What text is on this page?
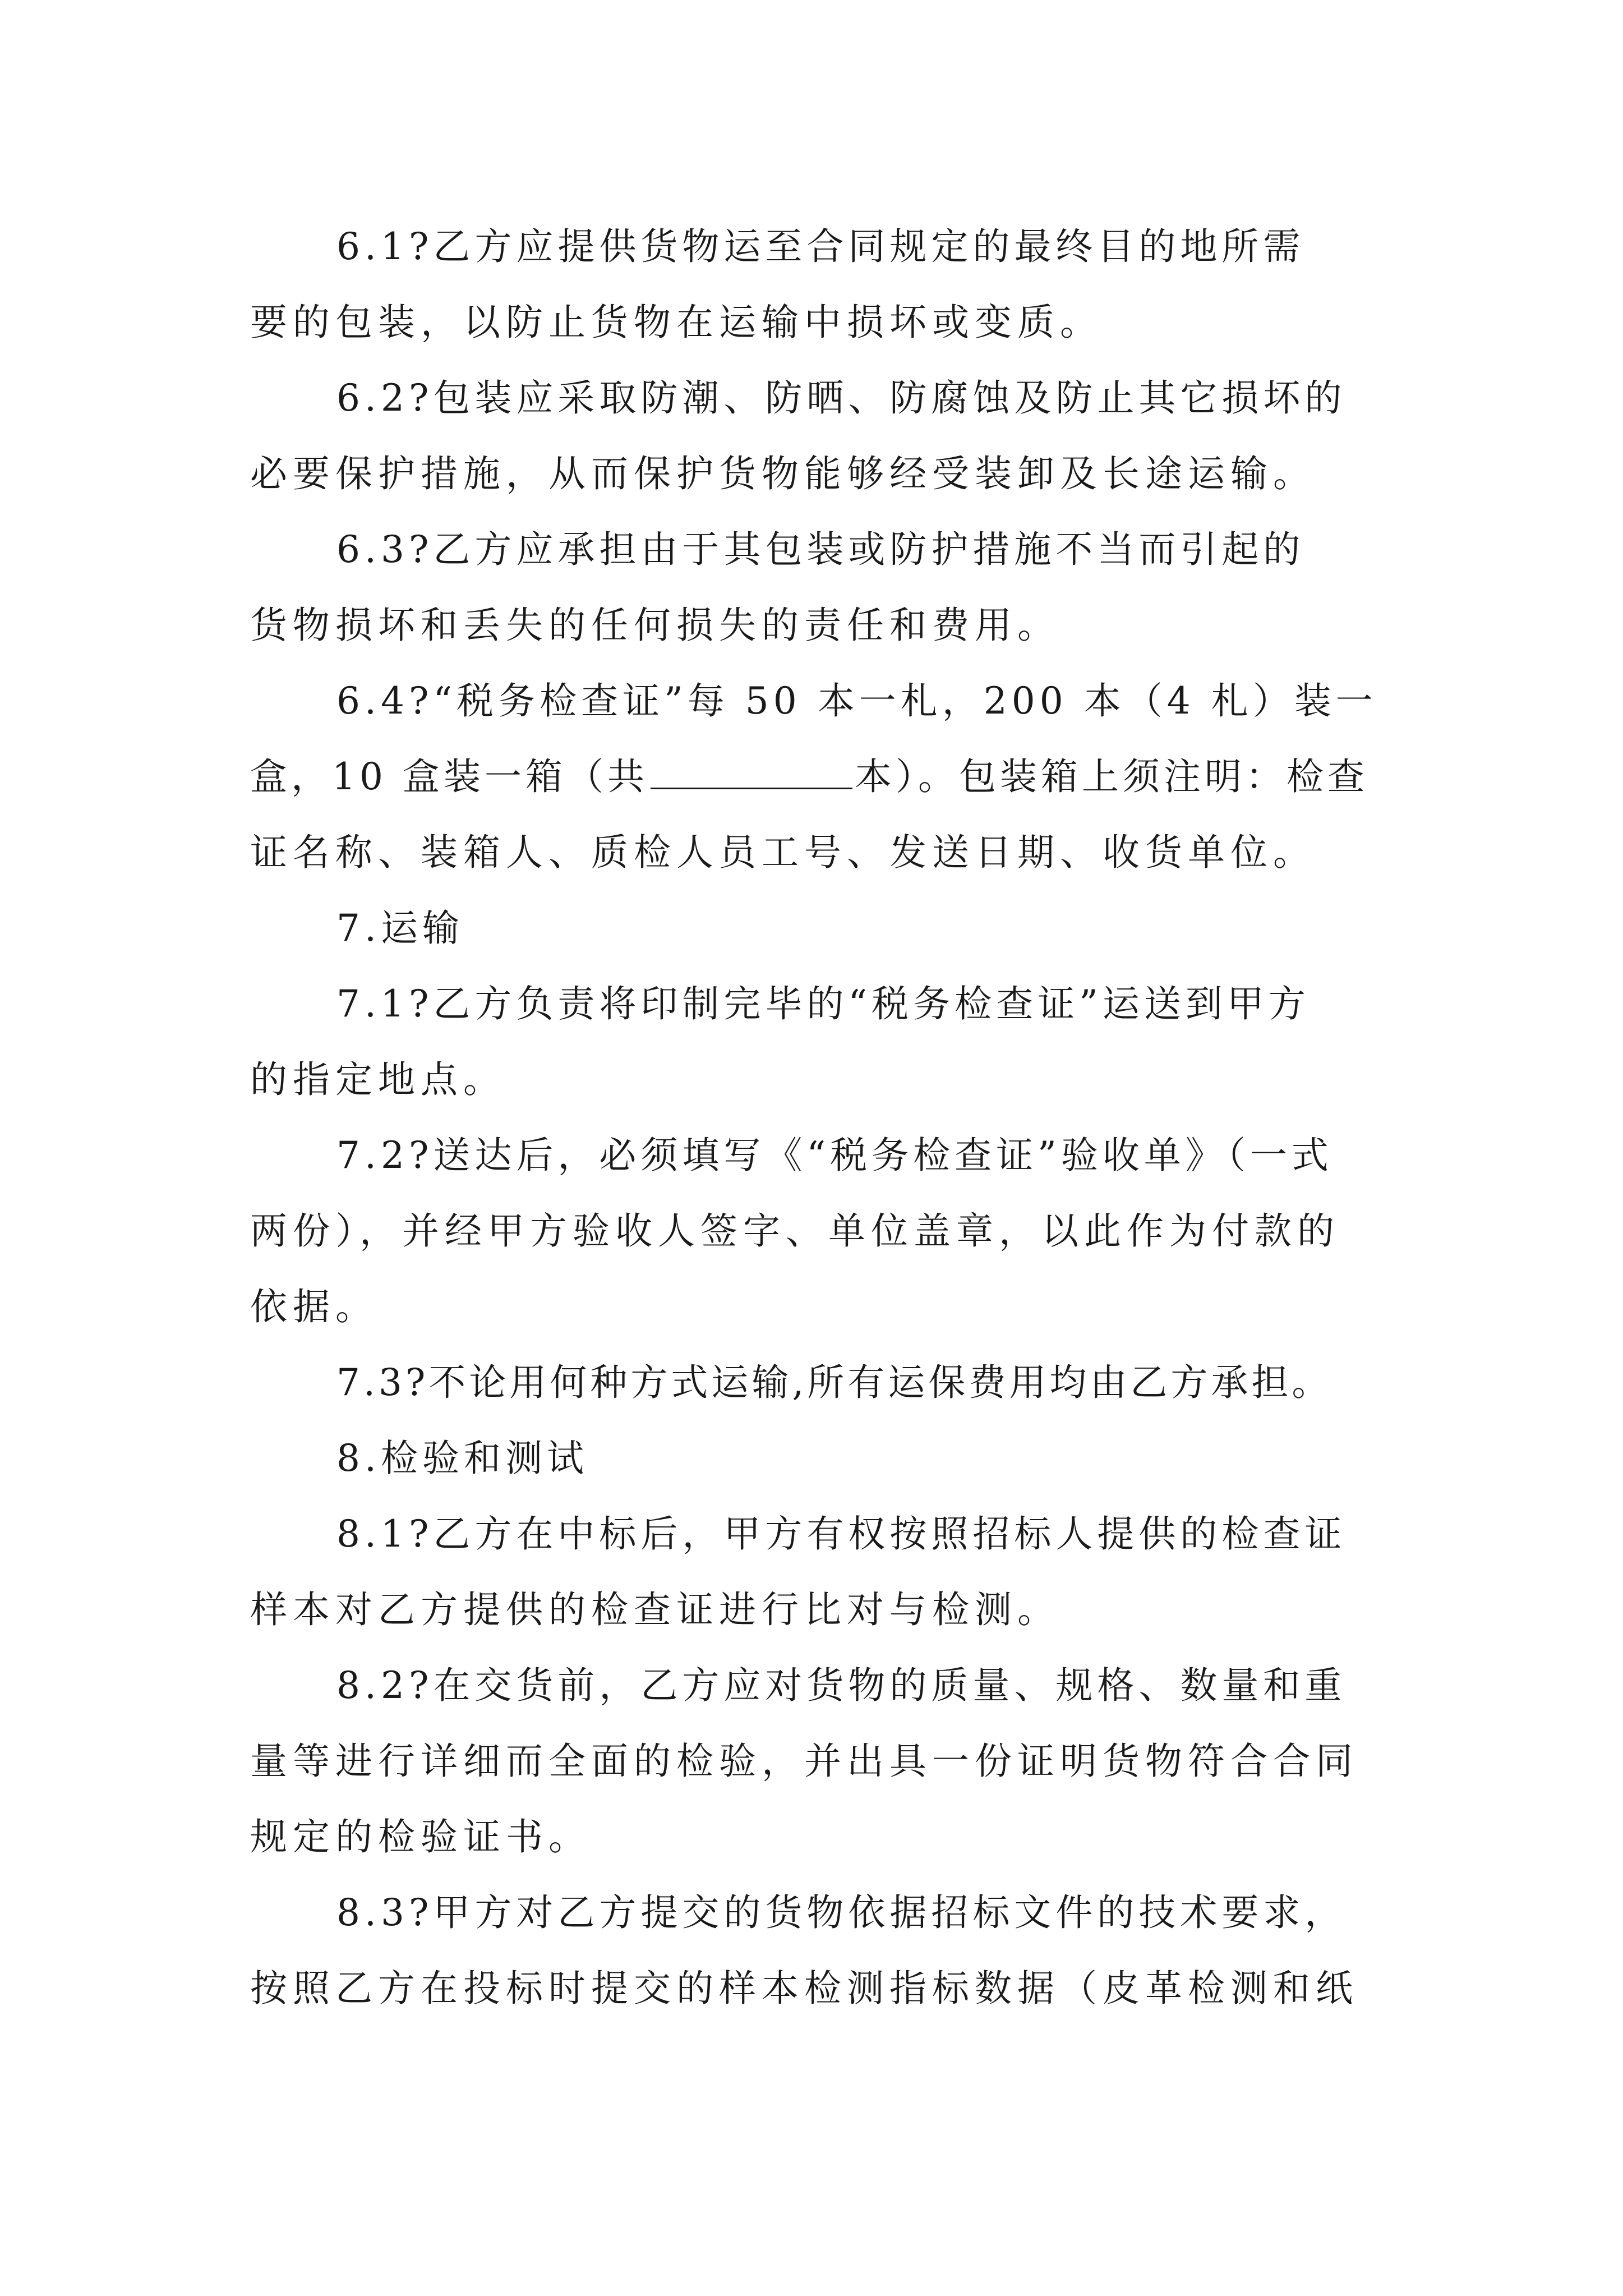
6.1?乙方应提供货物运至合同规定的最终目的地所需
要的包装，以防止货物在运输中损坏或变质。
6.2?包装应采取防潮、防晒、防腐蚀及防止其它损坏的
必要保护措施，从而保护货物能够经受装卸及长途运输。
6.3?乙方应承担由于其包装或防护措施不当而引起的
货物损坏和丢失的任何损失的责任和费用。
6.4?“税务检查证”每 50 本一札，200 本（4 札）装一
盒，10 盒装一箱（共	本）。包装箱上须注明：检查
证名称、装箱人、质检人员工号、发送日期、收货单位。
7.运输
7.1?乙方负责将印制完毕的“税务检查证”运送到甲方
的指定地点。
7.2?送达后，必须填写《“税务检查证”验收单》（一式
两份），并经甲方验收人签字、单位盖章，以此作为付款的
依据。
7.3?不论用何种方式运输,所有运保费用均由乙方承担。
8.检验和测试
8.1?乙方在中标后，甲方有权按照招标人提供的检查证
样本对乙方提供的检查证进行比对与检测。
8.2?在交货前，乙方应对货物的质量、规格、数量和重
量等进行详细而全面的检验，并出具一份证明货物符合合同
规定的检验证书。
8.3?甲方对乙方提交的货物依据招标文件的技术要求，
按照乙方在投标时提交的样本检测指标数据（皮革检测和纸
